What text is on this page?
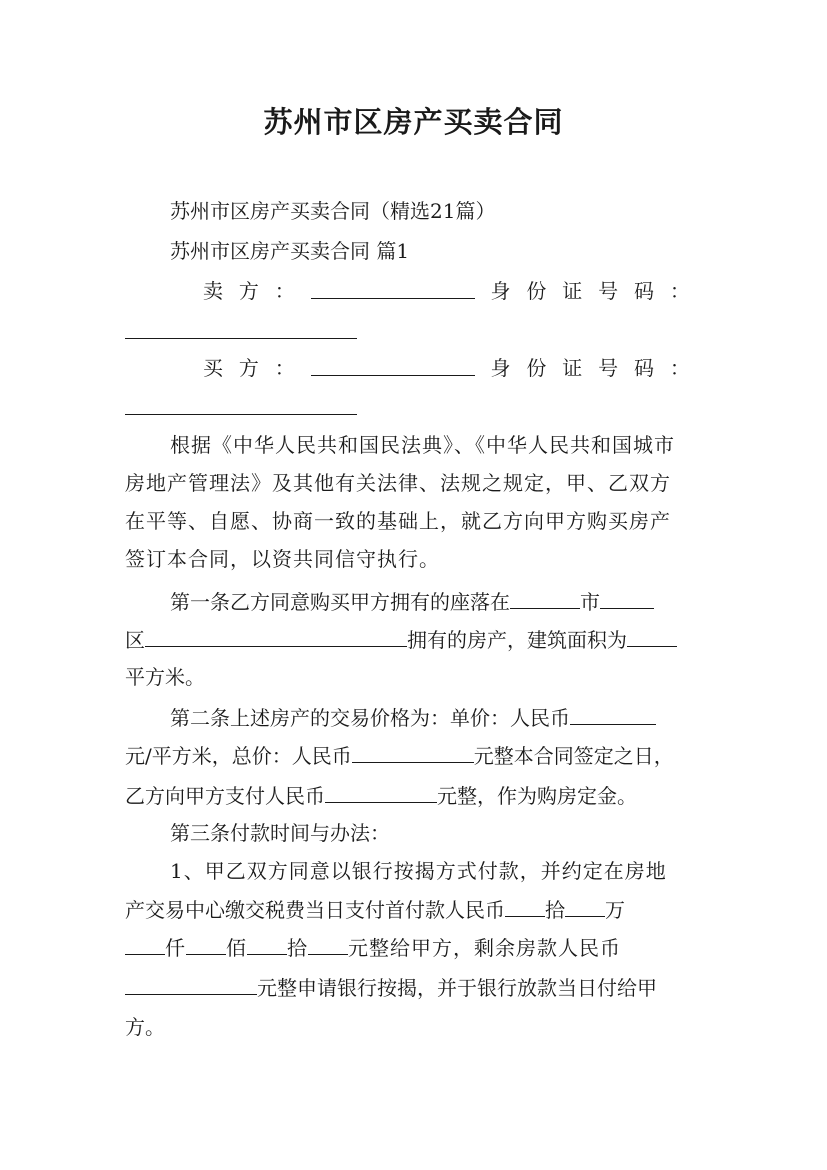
苏州市区房产买卖合同
苏州市区房产买卖合同（精选21篇）
苏州市区房产买卖合同 篇1
卖 方 ：	身 份 证 号 码 ：
买 方 ：	身 份 证 号 码 ：
根据《中华人民共和国民法典》、《中华人民共和国城市
房地产管理法》及其他有关法律、法规之规定，甲、乙双方
在平等、自愿、协商一致的基础上，就乙方向甲方购买房产
签订本合同，以资共同信守执行。
第一条乙方同意购买甲方拥有的座落在	市
区	拥有的房产，建筑面积为
平方米。
第二条上述房产的交易价格为：单价：人民币
元/平方米，总价：人民币	元整本合同签定之日，
乙方向甲方支付人民币	元整，作为购房定金。
第三条付款时间与办法：
1、甲乙双方同意以银行按揭方式付款，并约定在房地
产交易中心缴交税费当日支付首付款人民币 拾 万
仟 佰 拾 元整给甲方，剩余房款人民币
元整申请银行按揭，并于银行放款当日付给甲
方。
